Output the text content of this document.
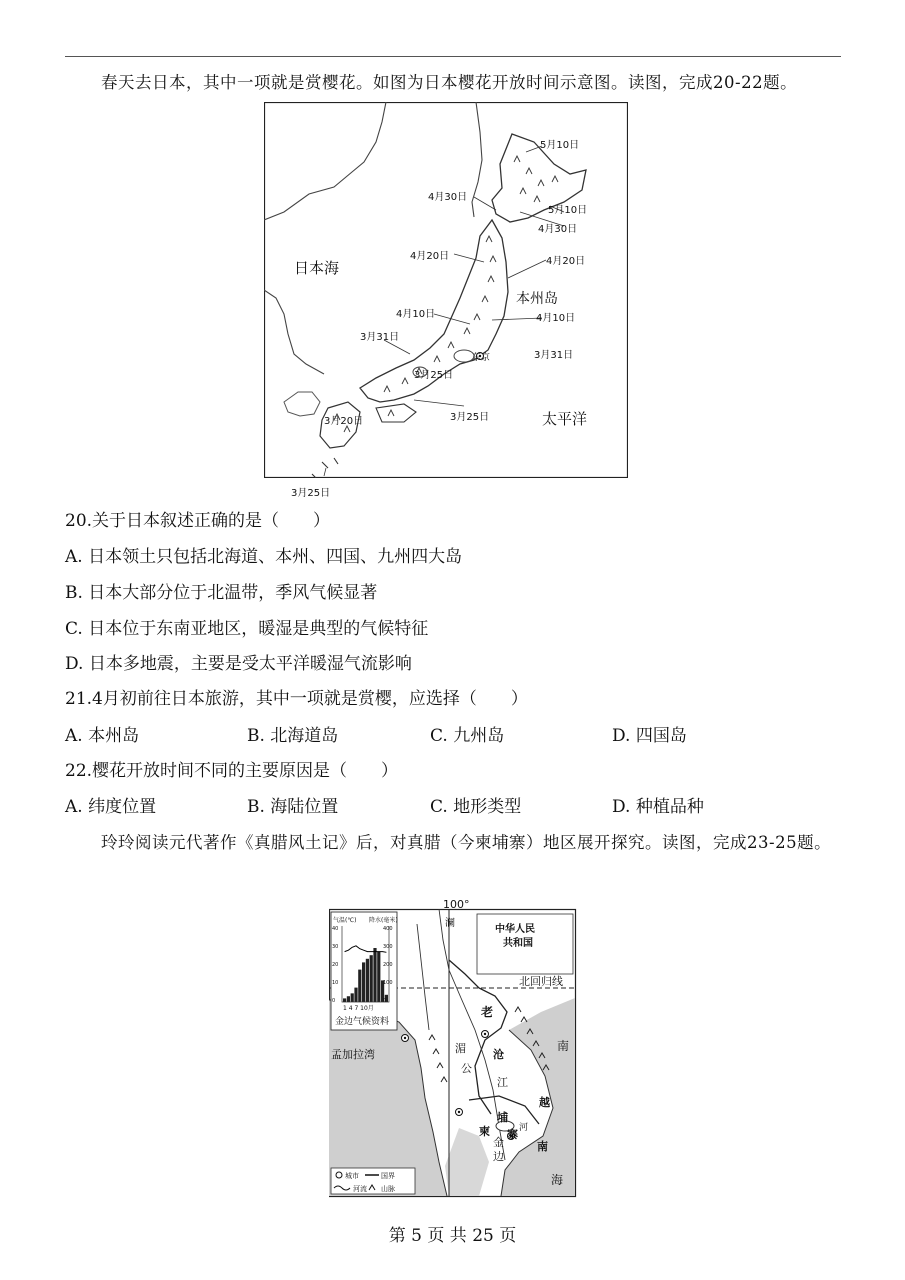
春天去日本，其中一项就是赏樱花。如图为日本樱花开放时间示意图。读图，完成20-22题。
日本海
太平洋
本州岛
东京
5月10日
5月10日
4月30日
4月30日
4月20日	4月20日
4月10日	4月10日
3月31日
3月31日
3月25日
3月25日
3月20日
3月25日
20.关于日本叙述正确的是（　　）
A. 日本领土只包括北海道、本州、四国、九州四大岛
B. 日本大部分位于北温带，季风气候显著
C. 日本位于东南亚地区，暖湿是典型的气候特征
D. 日本多地震，主要是受太平洋暖湿气流影响
21.4月初前往日本旅游，其中一项就是赏樱，应选择（　　）
A. 本州岛	B. 北海道岛	C. 九州岛	D. 四国岛
22.樱花开放时间不同的主要原因是（　　）
A. 纬度位置	B. 海陆位置	C. 地形类型	D. 种植品种
玲玲阅读元代著作《真腊风土记》后，对真腊（今柬埔寨）地区展开探究。读图，完成23-25题。
40
30
20
10
0
400
300
200
100
0
100°
中华人民
共和国
北回归线
孟加拉湾
金边气候资料
气温(℃) 降水(毫米)
1 4 7 10月	老
沧
江
澜
湄
公
河
埔
柬 寨
金
边
越
南
南
海
城市	国界
河流 山脉
第 5 页 共 25 页
